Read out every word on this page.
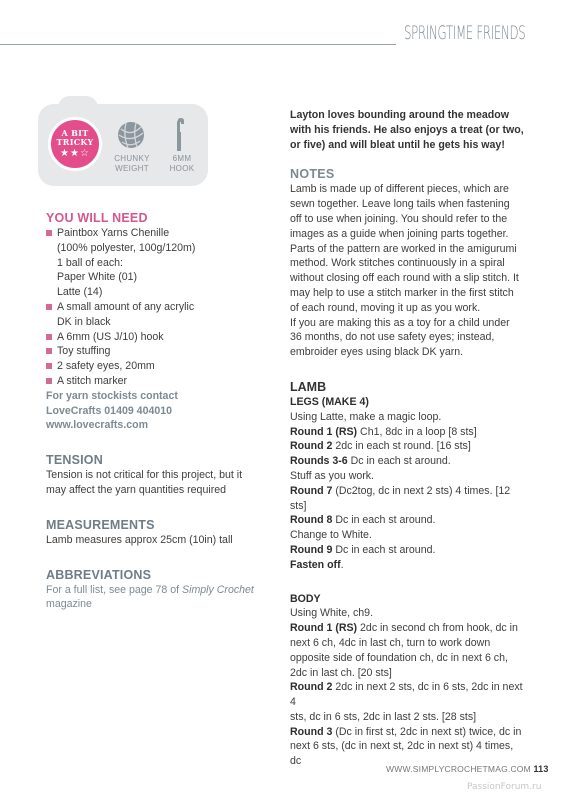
SPRINGTIME FRIENDS
A BIT TRICKY
★★☆	CHUNKY
WEIGHT
6MM
HOOK
YOU WILL NEED
Paintbox Yarns Chenille
(100% polyester, 100g/120m)
1 ball of each:
Paper White (01)
Latte (14)
A small amount of any acrylic
DK in black
A 6mm (US J/10) hook
Toy stuffing
2 safety eyes, 20mm
A stitch marker
For yarn stockists contact
LoveCrafts 01409 404010
www.lovecrafts.com
TENSION
Tension is not critical for this project, but it
may affect the yarn quantities required
MEASUREMENTS
Lamb measures approx 25cm (10in) tall
ABBREVIATIONS
For a full list, see page 78 of Simply Crochet
magazine
Layton loves bounding around the meadow
with his friends. He also enjoys a treat (or two,
or five) and will bleat until he gets his way!
NOTES
Lamb is made up of different pieces, which are
sewn together. Leave long tails when fastening
off to use when joining. You should refer to the
images as a guide when joining parts together.
Parts of the pattern are worked in the amigurumi
method. Work stitches continuously in a spiral
without closing off each round with a slip stitch. It
may help to use a stitch marker in the first stitch
of each round, moving it up as you work.
If you are making this as a toy for a child under
36 months, do not use safety eyes; instead,
embroider eyes using black DK yarn.
LAMB
LEGS (MAKE 4)
Using Latte, make a magic loop.
Round 1 (RS) Ch1, 8dc in a loop [8 sts]
Round 2 2dc in each st round. [16 sts]
Rounds 3-6 Dc in each st around.
Stuff as you work.
Round 7 (Dc2tog, dc in next 2 sts) 4 times. [12 sts]
Round 8 Dc in each st around.
Change to White.
Round 9 Dc in each st around.
Fasten off.
BODY
Using White, ch9.
Round 1 (RS) 2dc in second ch from hook, dc in
next 6 ch, 4dc in last ch, turn to work down
opposite side of foundation ch, dc in next 6 ch,
2dc in last ch. [20 sts]
Round 2 2dc in next 2 sts, dc in 6 sts, 2dc in next 4
sts, dc in 6 sts, 2dc in last 2 sts. [28 sts]
Round 3 (Dc in first st, 2dc in next st) twice, dc in
next 6 sts, (dc in next st, 2dc in next st) 4 times, dc
WWW.SIMPLYCROCHETMAG.COM 113
PassionForum.ru
